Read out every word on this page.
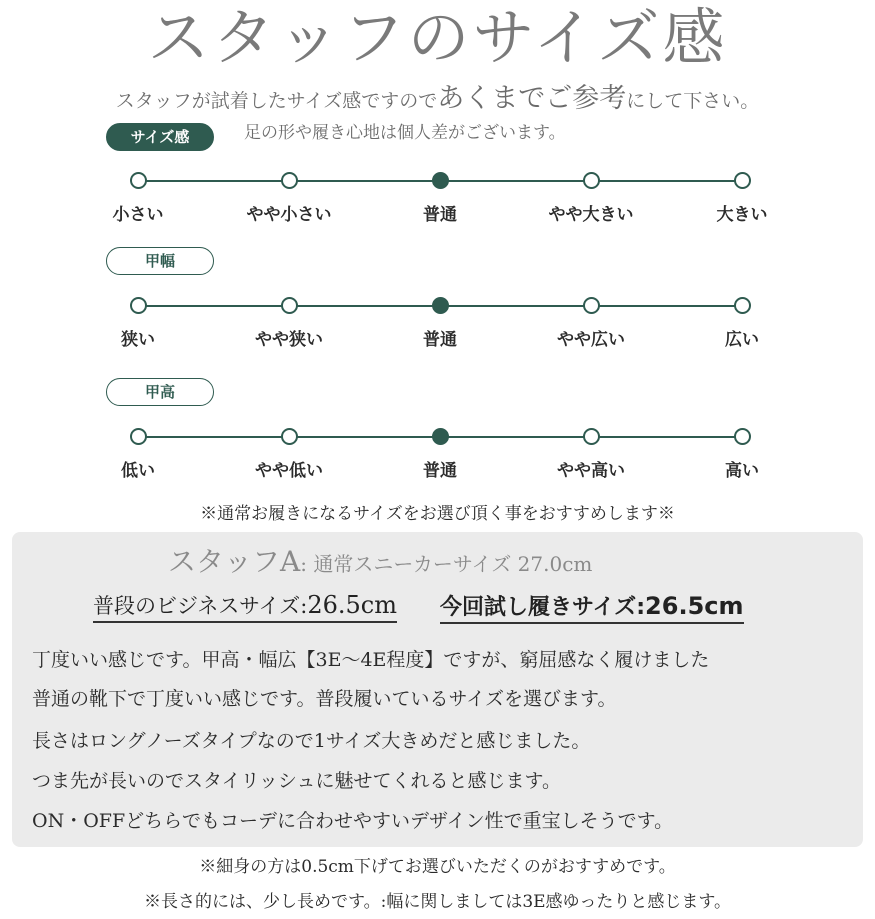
スタッフのサイズ感
スタッフが試着したサイズ感ですのであくまでご参考にして下さい。
足の形や履き心地は個人差がございます。
サイズ感
小さい	やや小さい	普通	やや大きい	大きい
甲幅
狭い	やや狭い	普通	やや広い	広い
甲高
低い	やや低い	普通	やや高い	高い
※通常お履きになるサイズをお選び頂く事をおすすめします※
スタッフA: 通常スニーカーサイズ 27.0cm
普段のビジネスサイズ:26.5cm 今回試し履きサイズ:26.5cm
丁度いい感じです。甲高・幅広【3E〜4E程度】ですが、窮屈感なく履けました
普通の靴下で丁度いい感じです。普段履いているサイズを選びます。
長さはロングノーズタイプなので1サイズ大きめだと感じました。
つま先が長いのでスタイリッシュに魅せてくれると感じます。
ON・OFFどちらでもコーデに合わせやすいデザイン性で重宝しそうです。
※細身の方は0.5cm下げてお選びいただくのがおすすめです。
※長さ的には、少し長めです。:幅に関しましては3E感ゆったりと感じます。
